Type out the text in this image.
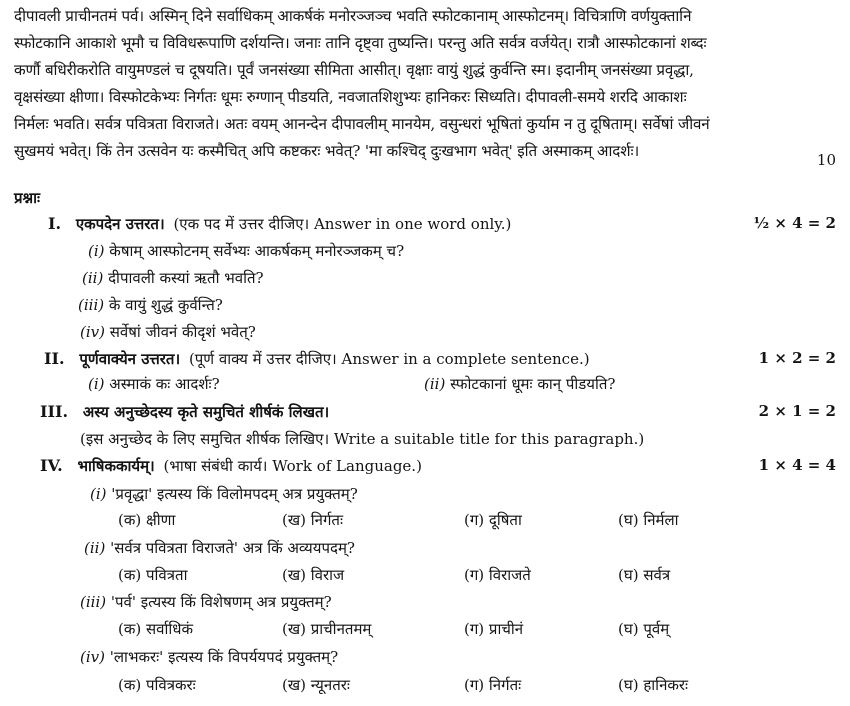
दीपावली प्राचीनतमं पर्व। अस्मिन् दिने सर्वाधिकम् आकर्षकं मनोरञ्जञ्च भवति स्फोटकानाम् आस्फोटनम्। विचित्राणि वर्णयुक्तानि
स्फोटकानि आकाशे भूमौ च विविधरूपाणि दर्शयन्ति। जनाः तानि दृष्ट्वा तुष्यन्ति। परन्तु अति सर्वत्र वर्जयेत्। रात्रौ आस्फोटकानां शब्दः
कर्णौ बधिरीकरोति वायुमण्डलं च दूषयति। पूर्वं जनसंख्या सीमिता आसीत्। वृक्षाः वायुं शुद्धं कुर्वन्ति स्म। इदानीम् जनसंख्या प्रवृद्धा,
वृक्षसंख्या क्षीणा। विस्फोटकेभ्यः निर्गतः धूमः रुग्णान् पीडयति, नवजातशिशुभ्यः हानिकरः सिध्यति। दीपावली-समये शरदि आकाशः
निर्मलः भवति। सर्वत्र पवित्रता विराजते। अतः वयम् आनन्देन दीपावलीम् मानयेम, वसुन्धरां भूषितां कुर्याम न तु दूषिताम्। सर्वेषां जीवनं
सुखमयं भवेत्। किं तेन उत्सवेन यः कस्मैचित् अपि कष्टकरः भवेत्? 'मा कश्चिद् दुःखभाग भवेत्' इति अस्माकम् आदर्शः।	10
प्रश्नाः
I. एकपदेन उत्तरत। (एक पद में उत्तर दीजिए। Answer in one word only.)	½ × 4 = 2
(i) केषाम् आस्फोटनम् सर्वेभ्यः आकर्षकम् मनोरञ्जकम् च?
(ii) दीपावली कस्यां ऋतौ भवति?
(iii) के वायुं शुद्धं कुर्वन्ति?
(iv) सर्वेषां जीवनं कीदृशं भवेत्?
II. पूर्णवाक्येन उत्तरत। (पूर्ण वाक्य में उत्तर दीजिए। Answer in a complete sentence.)	1 × 2 = 2
(i) अस्माकं कः आदर्शः?	(ii) स्फोटकानां धूमः कान् पीडयति?
III. अस्य अनुच्छेदस्य कृते समुचितं शीर्षकं लिखत।	2 × 1 = 2
(इस अनुच्छेद के लिए समुचित शीर्षक लिखिए। Write a suitable title for this paragraph.)
IV. भाषिककार्यम्। (भाषा संबंधी कार्य। Work of Language.)	1 × 4 = 4
(i) 'प्रवृद्धा' इत्यस्य किं विलोमपदम् अत्र प्रयुक्तम्?
(क) क्षीणा	(ख) निर्गतः	(ग) दूषिता	(घ) निर्मला
(ii) 'सर्वत्र पवित्रता विराजते' अत्र किं अव्ययपदम्?
(क) पवित्रता	(ख) विराज	(ग) विराजते	(घ) सर्वत्र
(iii) 'पर्व' इत्यस्य किं विशेषणम् अत्र प्रयुक्तम्?
(क) सर्वाधिकं	(ख) प्राचीनतमम्	(ग) प्राचीनं	(घ) पूर्वम्
(iv) 'लाभकरः' इत्यस्य किं विपर्ययपदं प्रयुक्तम्?
(क) पवित्रकरः	(ख) न्यूनतरः	(ग) निर्गतः	(घ) हानिकरः
